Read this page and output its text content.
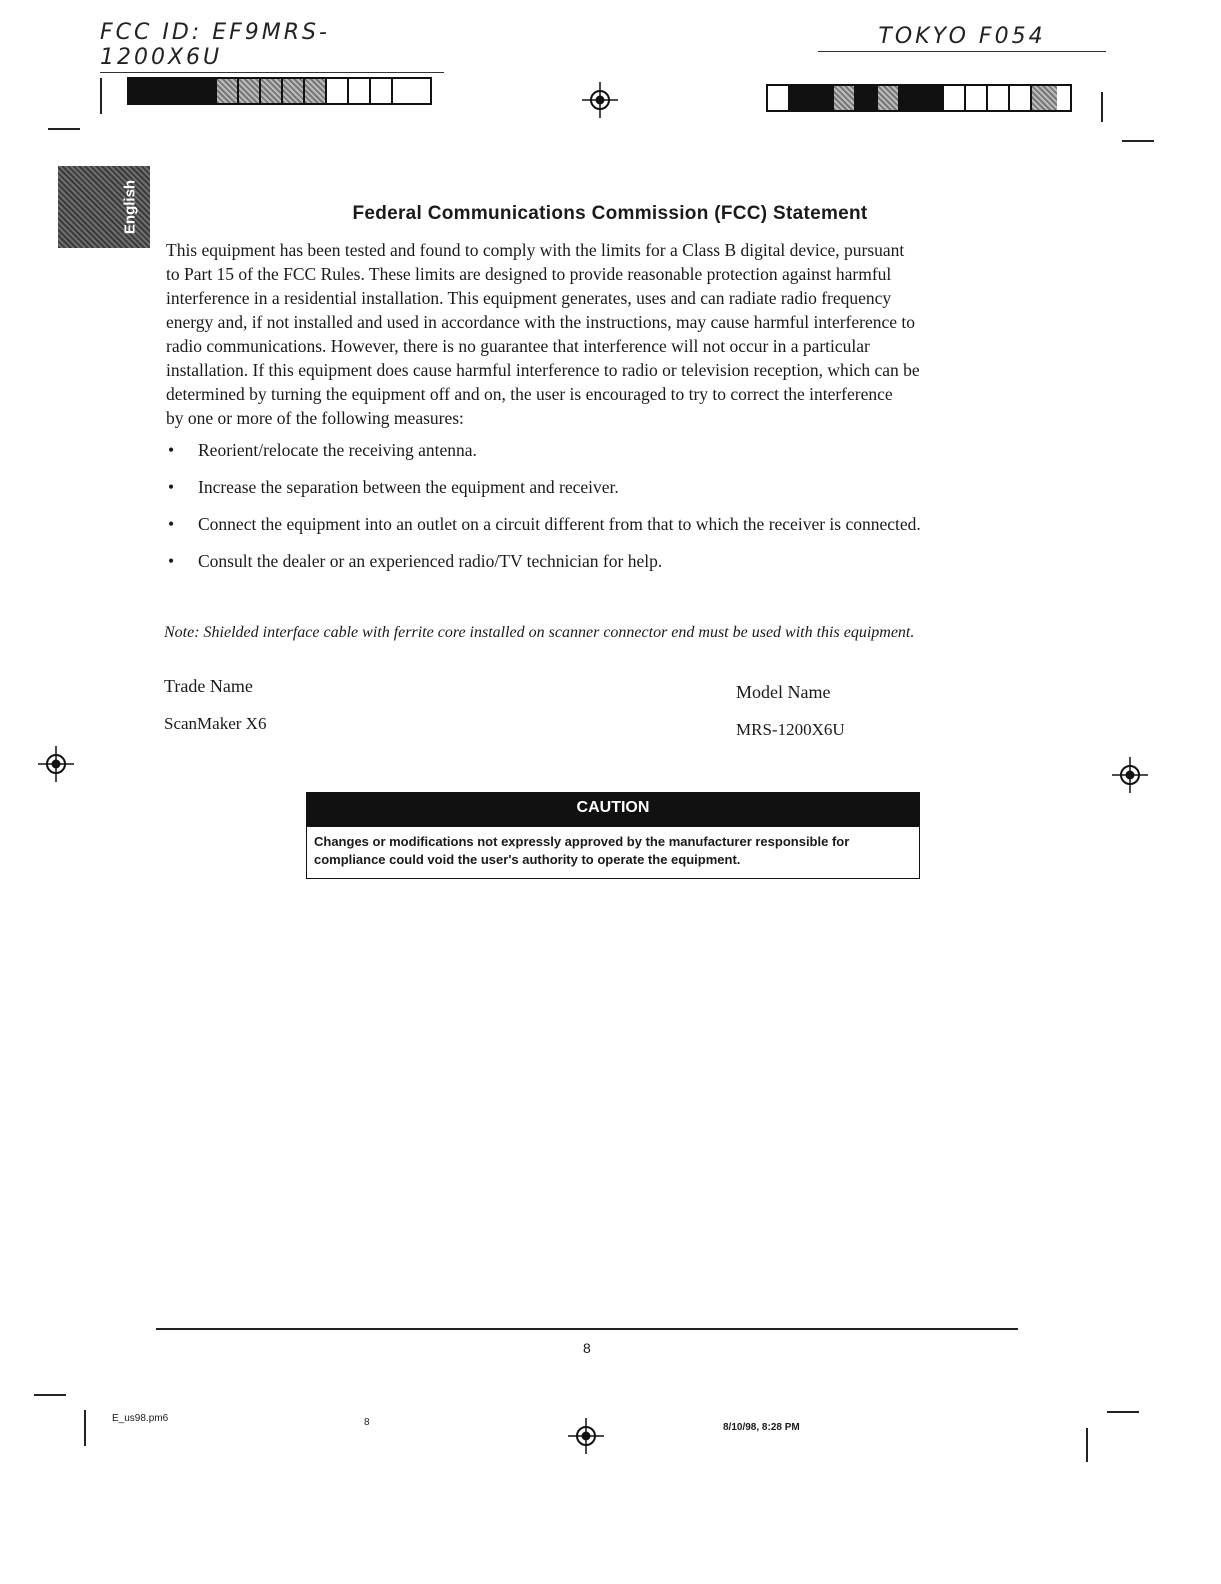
FCC ID: EF9MRS-1200X6U
TOKYO F054
English	Federal Communications Commission (FCC) Statement
This equipment has been tested and found to comply with the limits for a Class B digital device, pursuant
to Part 15 of the FCC Rules. These limits are designed to provide reasonable protection against harmful
interference in a residential installation. This equipment generates, uses and can radiate radio frequency
energy and, if not installed and used in accordance with the instructions, may cause harmful interference to
radio communications. However, there is no guarantee that interference will not occur in a particular
installation. If this equipment does cause harmful interference to radio or television reception, which can be
determined by turning the equipment off and on, the user is encouraged to try to correct the interference
by one or more of the following measures:
• Reorient/relocate the receiving antenna.
• Increase the separation between the equipment and receiver.
• Connect the equipment into an outlet on a circuit different from that to which the receiver is connected.
• Consult the dealer or an experienced radio/TV technician for help.
Note: Shielded interface cable with ferrite core installed on scanner connector end must be used with this equipment.
Trade Name
ScanMaker X6
Model Name
MRS-1200X6U
CAUTION
Changes or modifications not expressly approved by the manufacturer responsible for
compliance could void the user's authority to operate the equipment.
8
E_us98.pm6	8	8/10/98, 8:28 PM
